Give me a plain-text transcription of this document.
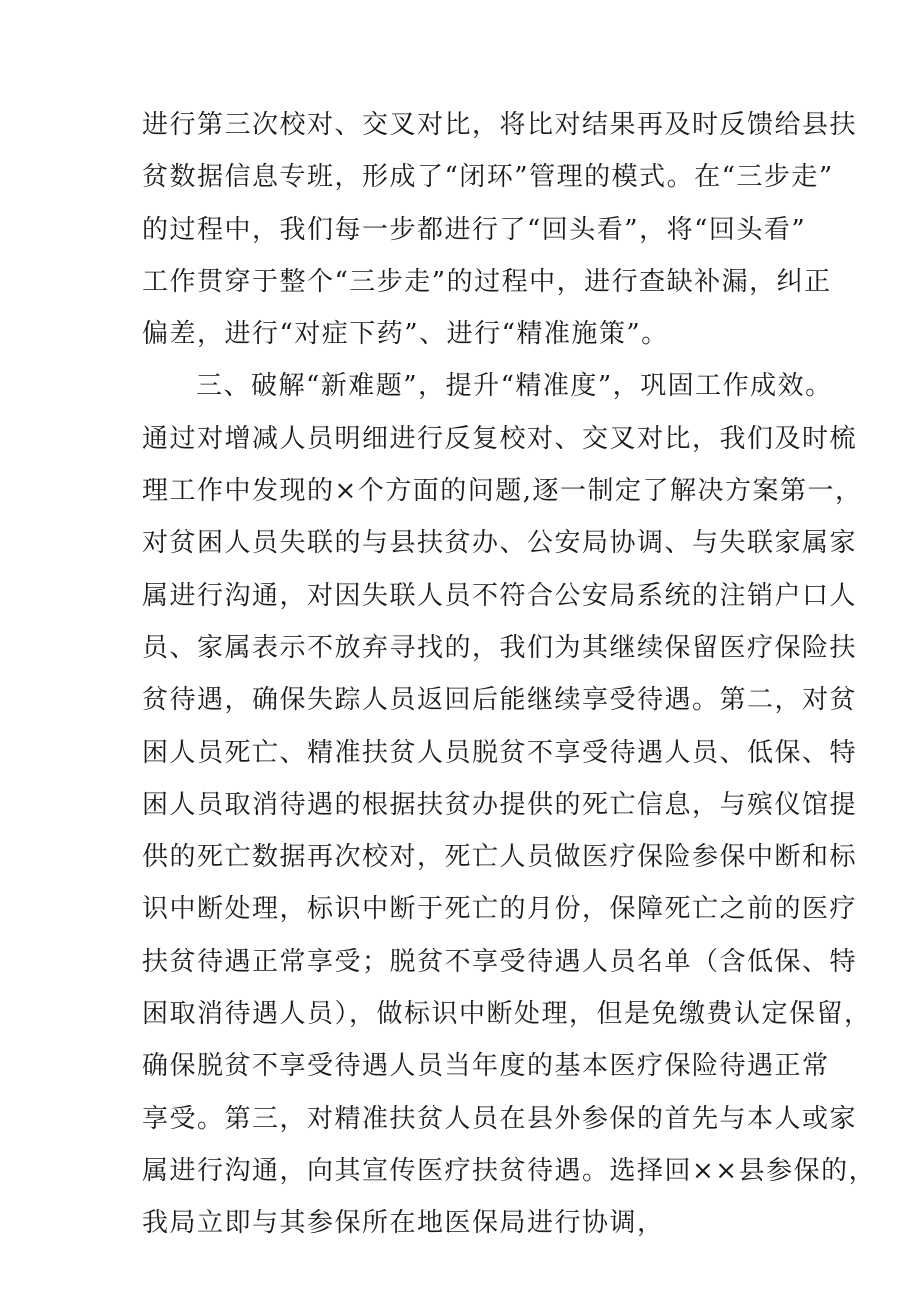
进行第三次校对、交叉对比，将比对结果再及时反馈给县扶
贫数据信息专班，形成了“闭环”管理的模式。在“三步走”
的过程中，我们每一步都进行了“回头看”，将“回头看”
工作贯穿于整个“三步走”的过程中，进行查缺补漏，纠正
偏差，进行“对症下药”、进行“精准施策”。
三、破解“新难题”，提升“精准度”，巩固工作成效。
通过对增减人员明细进行反复校对、交叉对比，我们及时梳
理工作中发现的×个方面的问题,逐一制定了解决方案第一，
对贫困人员失联的与县扶贫办、公安局协调、与失联家属家
属进行沟通，对因失联人员不符合公安局系统的注销户口人
员、家属表示不放弃寻找的，我们为其继续保留医疗保险扶
贫待遇，确保失踪人员返回后能继续享受待遇。第二，对贫
困人员死亡、精准扶贫人员脱贫不享受待遇人员、低保、特
困人员取消待遇的根据扶贫办提供的死亡信息，与殡仪馆提
供的死亡数据再次校对，死亡人员做医疗保险参保中断和标
识中断处理，标识中断于死亡的月份，保障死亡之前的医疗
扶贫待遇正常享受；脱贫不享受待遇人员名单（含低保、特
困取消待遇人员），做标识中断处理，但是免缴费认定保留，
确保脱贫不享受待遇人员当年度的基本医疗保险待遇正常
享受。第三，对精准扶贫人员在县外参保的首先与本人或家
属进行沟通，向其宣传医疗扶贫待遇。选择回××县参保的，
我局立即与其参保所在地医保局进行协调，
